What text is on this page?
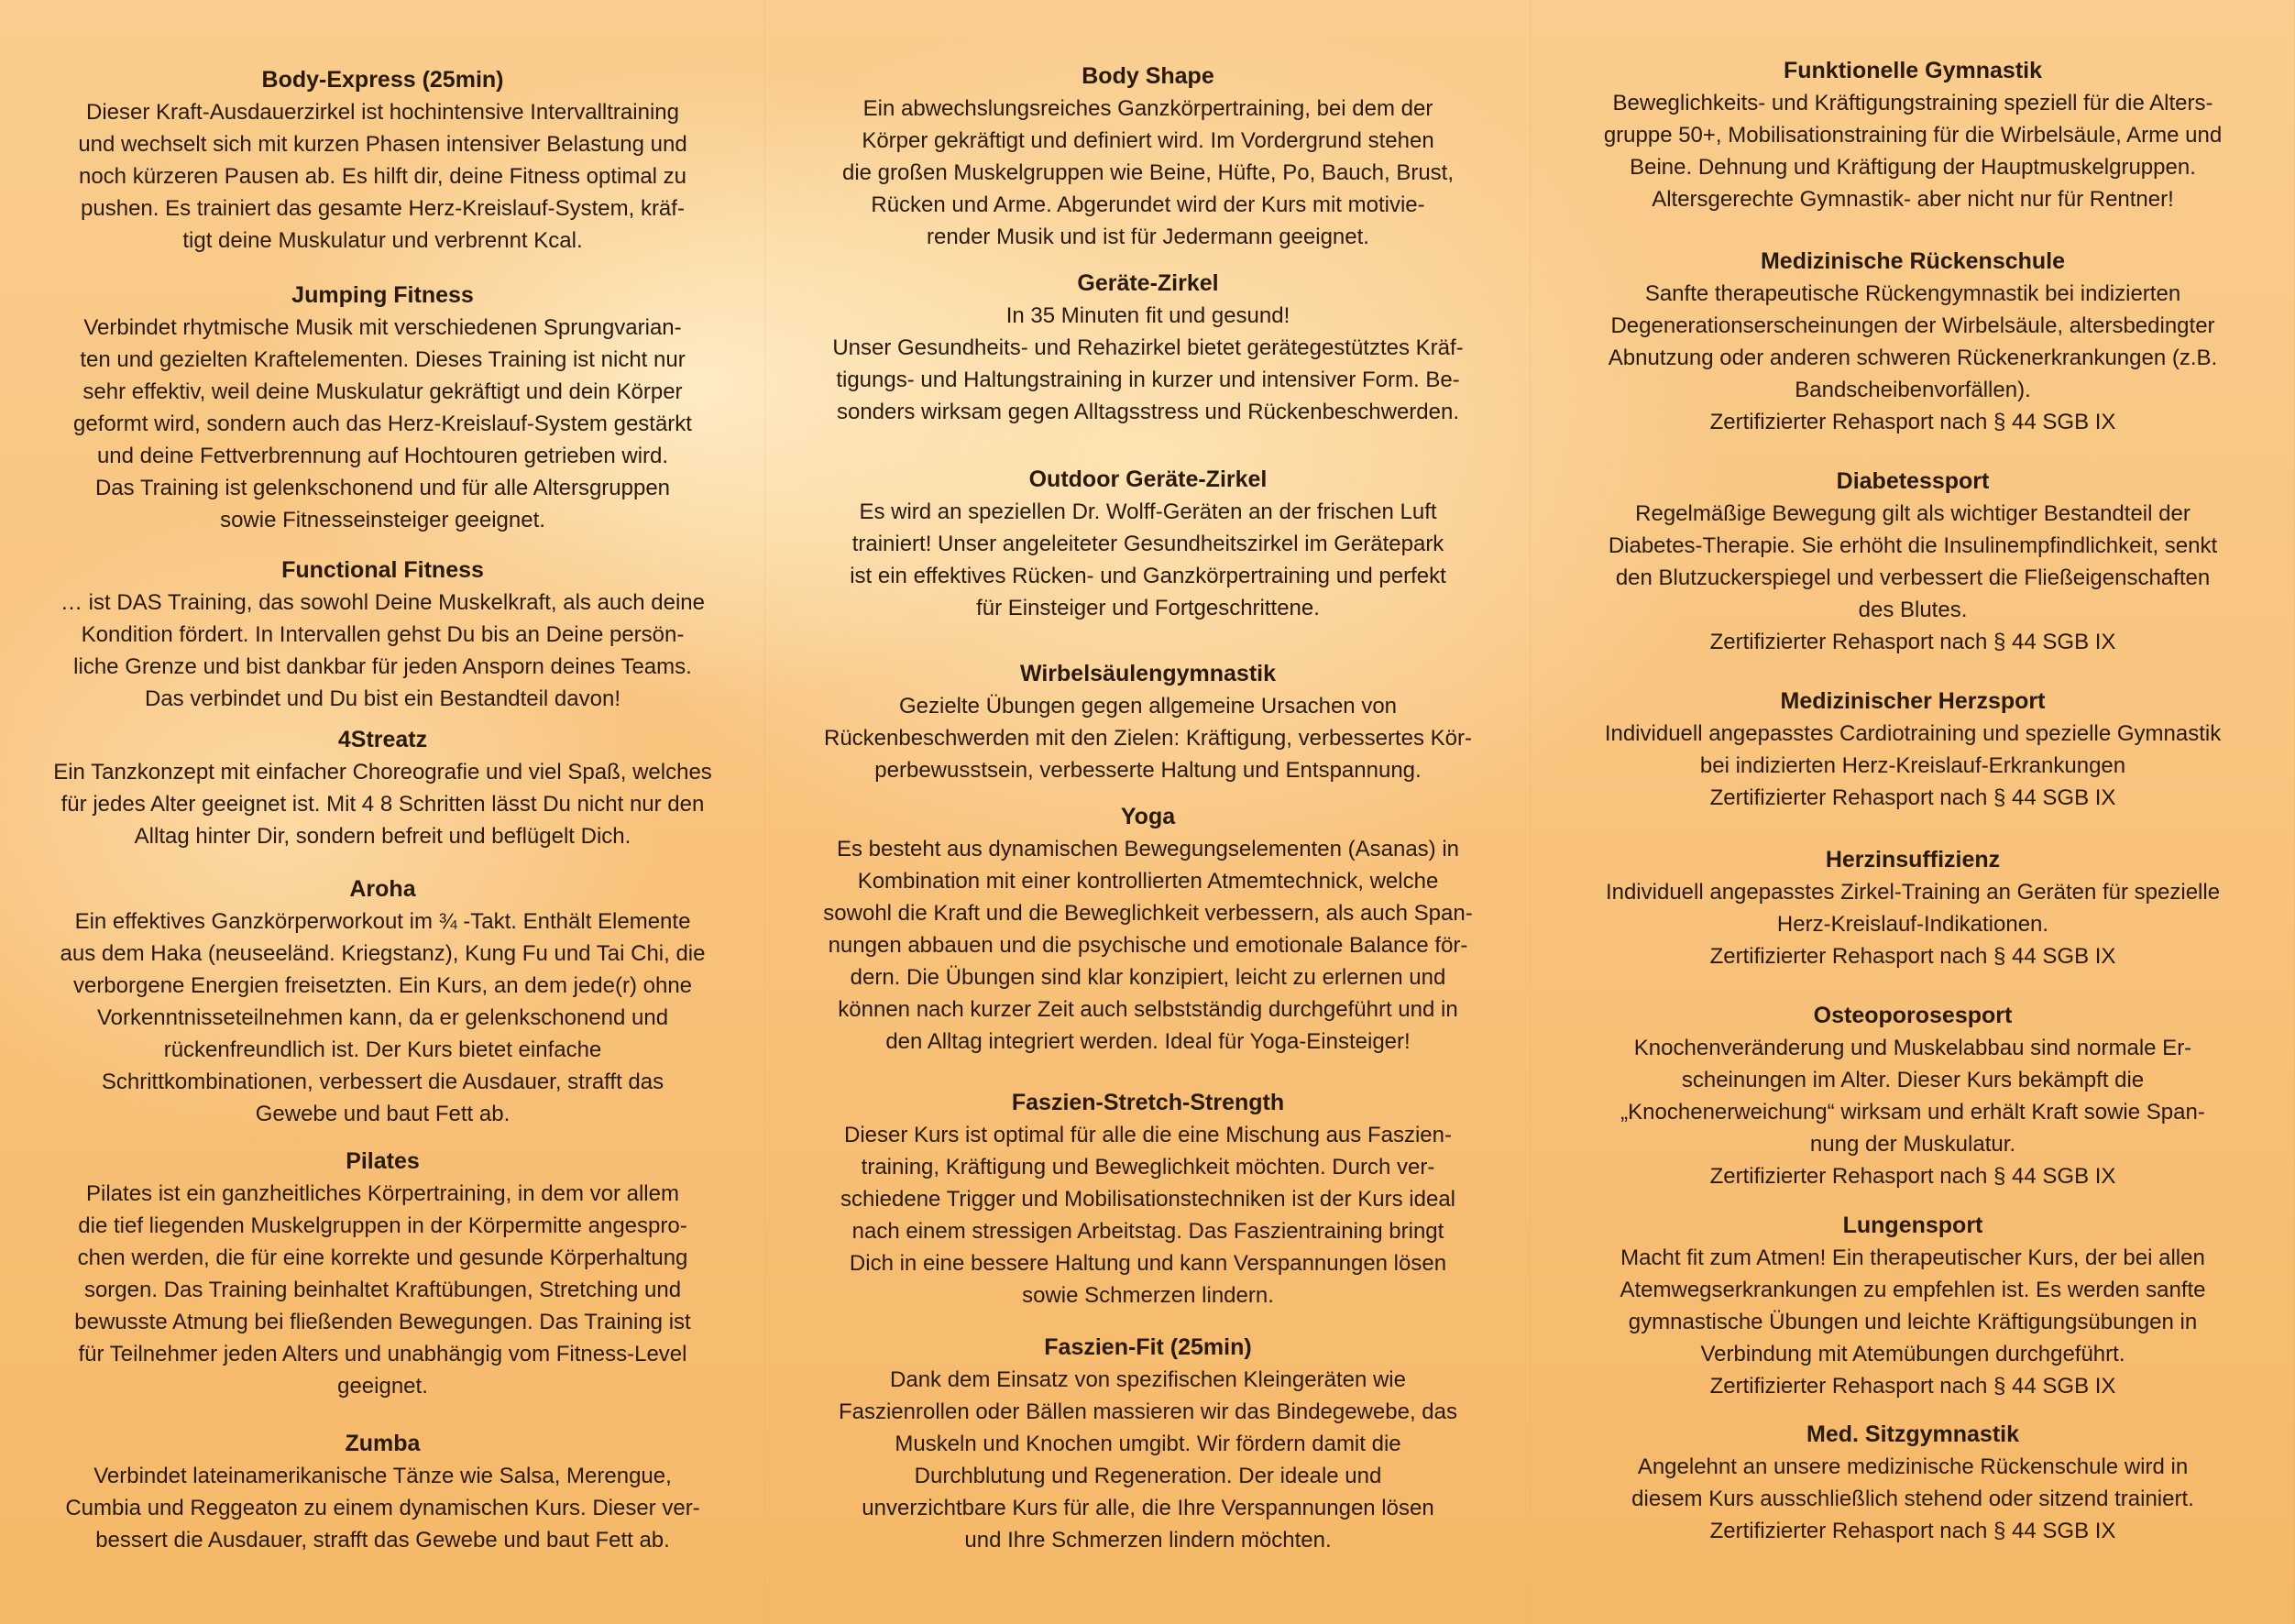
Body-Express (25min)
Dieser Kraft-Ausdauerzirkel ist hochintensive Intervalltraining
und wechselt sich mit kurzen Phasen intensiver Belastung und
noch kürzeren Pausen ab. Es hilft dir, deine Fitness optimal zu
pushen. Es trainiert das gesamte Herz-Kreislauf-System, kräf-
tigt deine Muskulatur und verbrennt Kcal.
Jumping Fitness
Verbindet rhytmische Musik mit verschiedenen Sprungvarian-
ten und gezielten Kraftelementen. Dieses Training ist nicht nur
sehr effektiv, weil deine Muskulatur gekräftigt und dein Körper
geformt wird, sondern auch das Herz-Kreislauf-System gestärkt
und deine Fettverbrennung auf Hochtouren getrieben wird.
Das Training ist gelenkschonend und für alle Altersgruppen
sowie Fitnesseinsteiger geeignet.
Functional Fitness
… ist DAS Training, das sowohl Deine Muskelkraft, als auch deine
Kondition fördert. In Intervallen gehst Du bis an Deine persön-
liche Grenze und bist dankbar für jeden Ansporn deines Teams.
Das verbindet und Du bist ein Bestandteil davon!
4Streatz
Ein Tanzkonzept mit einfacher Choreografie und viel Spaß, welches
für jedes Alter geeignet ist. Mit 4 8 Schritten lässt Du nicht nur den
Alltag hinter Dir, sondern befreit und beflügelt Dich.
Aroha
Ein effektives Ganzkörperworkout im ¾ -Takt. Enthält Elemente
aus dem Haka (neuseeländ. Kriegstanz), Kung Fu und Tai Chi, die
verborgene Energien freisetzten. Ein Kurs, an dem jede(r) ohne
Vorkenntnisseteilnehmen kann, da er gelenkschonend und
rückenfreundlich ist. Der Kurs bietet einfache
Schrittkombinationen, verbessert die Ausdauer, strafft das
Gewebe und baut Fett ab.
Pilates
Pilates ist ein ganzheitliches Körpertraining, in dem vor allem
die tief liegenden Muskelgruppen in der Körpermitte angespro-
chen werden, die für eine korrekte und gesunde Körperhaltung
sorgen. Das Training beinhaltet Kraftübungen, Stretching und
bewusste Atmung bei fließenden Bewegungen. Das Training ist
für Teilnehmer jeden Alters und unabhängig vom Fitness-Level
geeignet.
Zumba
Verbindet lateinamerikanische Tänze wie Salsa, Merengue,
Cumbia und Reggeaton zu einem dynamischen Kurs. Dieser ver-
bessert die Ausdauer, strafft das Gewebe und baut Fett ab.
Body Shape
Ein abwechslungsreiches Ganzkörpertraining, bei dem der
Körper gekräftigt und definiert wird. Im Vordergrund stehen
die großen Muskelgruppen wie Beine, Hüfte, Po, Bauch, Brust,
Rücken und Arme. Abgerundet wird der Kurs mit motivie-
render Musik und ist für Jedermann geeignet.
Geräte-Zirkel
In 35 Minuten fit und gesund!
Unser Gesundheits- und Rehazirkel bietet gerätegestütztes Kräf-
tigungs- und Haltungstraining in kurzer und intensiver Form. Be-
sonders wirksam gegen Alltagsstress und Rückenbeschwerden.
Outdoor Geräte-Zirkel
Es wird an speziellen Dr. Wolff-Geräten an der frischen Luft
trainiert! Unser angeleiteter Gesundheitszirkel im Gerätepark
ist ein effektives Rücken- und Ganzkörpertraining und perfekt
für Einsteiger und Fortgeschrittene.
Wirbelsäulengymnastik
Gezielte Übungen gegen allgemeine Ursachen von
Rückenbeschwerden mit den Zielen: Kräftigung, verbessertes Kör-
perbewusstsein, verbesserte Haltung und Entspannung.
Yoga
Es besteht aus dynamischen Bewegungselementen (Asanas) in
Kombination mit einer kontrollierten Atmemtechnick, welche
sowohl die Kraft und die Beweglichkeit verbessern, als auch Span-
nungen abbauen und die psychische und emotionale Balance för-
dern. Die Übungen sind klar konzipiert, leicht zu erlernen und
können nach kurzer Zeit auch selbstständig durchgeführt und in
den Alltag integriert werden. Ideal für Yoga-Einsteiger!
Faszien-Stretch-Strength
Dieser Kurs ist optimal für alle die eine Mischung aus Faszien-
training, Kräftigung und Beweglichkeit möchten. Durch ver-
schiedene Trigger und Mobilisationstechniken ist der Kurs ideal
nach einem stressigen Arbeitstag. Das Faszientraining bringt
Dich in eine bessere Haltung und kann Verspannungen lösen
sowie Schmerzen lindern.
Faszien-Fit (25min)
Dank dem Einsatz von spezifischen Kleingeräten wie
Faszienrollen oder Bällen massieren wir das Bindegewebe, das
Muskeln und Knochen umgibt. Wir fördern damit die
Durchblutung und Regeneration. Der ideale und
unverzichtbare Kurs für alle, die Ihre Verspannungen lösen
und Ihre Schmerzen lindern möchten.
Funktionelle Gymnastik
Beweglichkeits- und Kräftigungstraining speziell für die Alters-
gruppe 50+, Mobilisationstraining für die Wirbelsäule, Arme und
Beine. Dehnung und Kräftigung der Hauptmuskelgruppen.
Altersgerechte Gymnastik- aber nicht nur für Rentner!
Medizinische Rückenschule
Sanfte therapeutische Rückengymnastik bei indizierten
Degenerationserscheinungen der Wirbelsäule, altersbedingter
Abnutzung oder anderen schweren Rückenerkrankungen (z.B.
Bandscheibenvorfällen).
Zertifizierter Rehasport nach § 44 SGB IX
Diabetessport
Regelmäßige Bewegung gilt als wichtiger Bestandteil der
Diabetes-Therapie. Sie erhöht die Insulinempfindlichkeit, senkt
den Blutzuckerspiegel und verbessert die Fließeigenschaften
des Blutes.
Zertifizierter Rehasport nach § 44 SGB IX
Medizinischer Herzsport
Individuell angepasstes Cardiotraining und spezielle Gymnastik
bei indizierten Herz-Kreislauf-Erkrankungen
Zertifizierter Rehasport nach § 44 SGB IX
Herzinsuffizienz
Individuell angepasstes Zirkel-Training an Geräten für spezielle
Herz-Kreislauf-Indikationen.
Zertifizierter Rehasport nach § 44 SGB IX
Osteoporosesport
Knochenveränderung und Muskelabbau sind normale Er-
scheinungen im Alter. Dieser Kurs bekämpft die
„Knochenerweichung“ wirksam und erhält Kraft sowie Span-
nung der Muskulatur.
Zertifizierter Rehasport nach § 44 SGB IX
Lungensport
Macht fit zum Atmen! Ein therapeutischer Kurs, der bei allen
Atemwegserkrankungen zu empfehlen ist. Es werden sanfte
gymnastische Übungen und leichte Kräftigungsübungen in
Verbindung mit Atemübungen durchgeführt.
Zertifizierter Rehasport nach § 44 SGB IX
Med. Sitzgymnastik
Angelehnt an unsere medizinische Rückenschule wird in
diesem Kurs ausschließlich stehend oder sitzend trainiert.
Zertifizierter Rehasport nach § 44 SGB IX
